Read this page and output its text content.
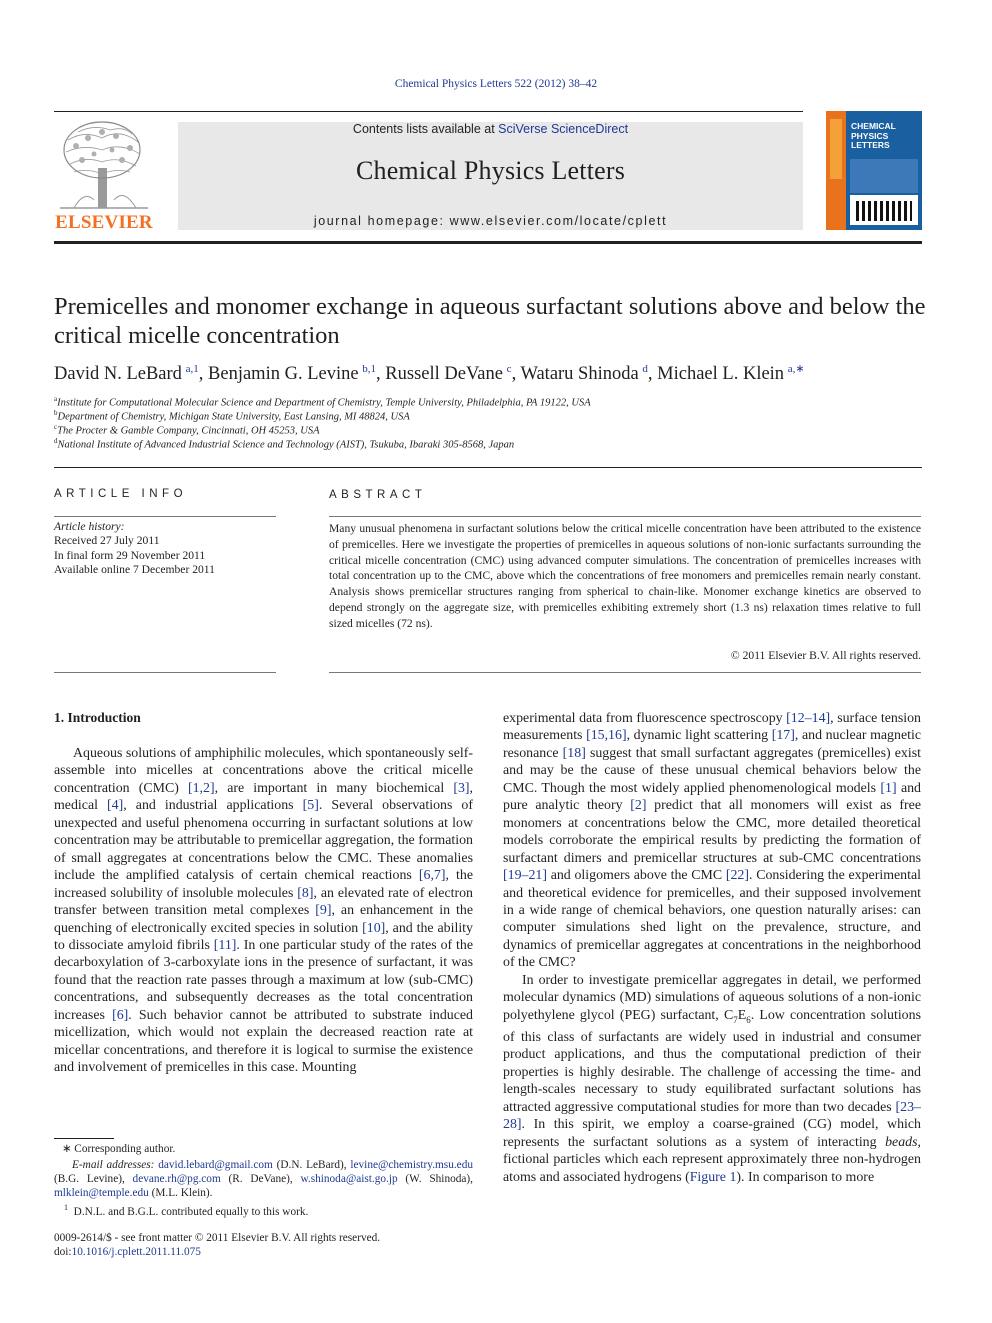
Chemical Physics Letters 522 (2012) 38–42
ELSEVIER
Contents lists available at SciVerse ScienceDirect
Chemical Physics Letters
journal homepage: www.elsevier.com/locate/cplett
CHEMICAL
PHYSICS
LETTERS
Premicelles and monomer exchange in aqueous surfactant solutions above and below the critical micelle concentration
David N. LeBard  $^{a,1}$, Benjamin G. Levine  $^{b,1}$, Russell DeVane  $^c$, Wataru Shinoda  $^d$, Michael L. Klein  $^{a,∗}$
$^a$Institute for Computational Molecular Science and Department of Chemistry, Temple University, Philadelphia, PA 19122, USA
$^b$Department of Chemistry, Michigan State University, East Lansing, MI 48824, USA
$^c$The Procter & Gamble Company, Cincinnati, OH 45253, USA
$^d$National Institute of Advanced Industrial Science and Technology (AIST), Tsukuba, Ibaraki 305-8568, Japan
ARTICLE INFO
Article history:
Received 27 July 2011
In final form 29 November 2011
Available online 7 December 2011
ABSTRACT
Many unusual phenomena in surfactant solutions below the critical micelle concentration have been attributed to the existence of premicelles. Here we investigate the properties of premicelles in aqueous solutions of non-ionic surfactants surrounding the critical micelle concentration (CMC) using advanced computer simulations. The concentration of premicelles increases with total concentration up to the CMC, above which the concentrations of free monomers and premicelles remain nearly constant. Analysis shows premicellar structures ranging from spherical to chain-like. Monomer exchange kinetics are observed to depend strongly on the aggregate size, with premicelles exhibiting extremely short (1.3 ns) relaxation times relative to full sized micelles (72 ns).
© 2011 Elsevier B.V. All rights reserved.
1. Introduction

Aqueous solutions of amphiphilic molecules, which spontaneously self-assemble into micelles at concentrations above the critical micelle concentration (CMC) [1,2], are important in many biochemical [3], medical [4], and industrial applications [5]. Several observations of unexpected and useful phenomena occurring in surfactant solutions at low concentration may be attributable to premicellar aggregation, the formation of small aggregates at concentrations below the CMC. These anomalies include the amplified catalysis of certain chemical reactions [6,7], the increased solubility of insoluble molecules [8], an elevated rate of electron transfer between transition metal complexes [9], an enhancement in the quenching of electronically excited species in solution [10], and the ability to dissociate amyloid fibrils [11]. In one particular study of the rates of the decarboxylation of 3-carboxylate ions in the presence of surfactant, it was found that the reaction rate passes through a maximum at low (sub-CMC) concentrations, and subsequently decreases as the total concentration increases [6]. Such behavior cannot be attributed to substrate induced micellization, which would not explain the decreased reaction rate at micellar concentrations, and therefore it is logical to surmise the existence and involvement of premicelles in this case. Mounting

experimental data from fluorescence spectroscopy [12–14], surface tension measurements [15,16], dynamic light scattering [17], and nuclear magnetic resonance [18] suggest that small surfactant aggregates (premicelles) exist and may be the cause of these unusual chemical behaviors below the CMC. Though the most widely applied phenomenological models [1] and pure analytic theory [2] predict that all monomers will exist as free monomers at concentrations below the CMC, more detailed theoretical models corroborate the empirical results by predicting the formation of surfactant dimers and premicellar structures at sub-CMC concentrations [19–21] and oligomers above the CMC [22]. Considering the experimental and theoretical evidence for premicelles, and their supposed involvement in a wide range of chemical behaviors, one question naturally arises: can computer simulations shed light on the prevalence, structure, and dynamics of premicellar aggregates at concentrations in the neighborhood of the CMC?

In order to investigate premicellar aggregates in detail, we performed molecular dynamics (MD) simulations of aqueous solutions of a non-ionic polyethylene glycol (PEG) surfactant, $C_7E_6$. Low concentration solutions of this class of surfactants are widely used in industrial and consumer product applications, and thus the computational prediction of their properties is highly desirable. The challenge of accessing the time- and length-scales necessary to study equilibrated surfactant solutions has attracted aggressive computational studies for more than two decades [23–28]. In this spirit, we employ a coarse-grained (CG) model, which represents the surfactant solutions as a system of interacting beads, fictional particles which each represent approximately three non-hydrogen atoms and associated hydrogens (Figure 1). In comparison to more

∗ Corresponding author.
E-mail addresses: david.lebard@gmail.com (D.N. LeBard), levine@chemistry.msu.edu (B.G. Levine), devane.rh@pg.com (R. DeVane), w.shinoda@aist.go.jp (W. Shinoda), mlklein@temple.edu (M.L. Klein).
$^1$ D.N.L. and B.G.L. contributed equally to this work.
0009-2614/$ - see front matter © 2011 Elsevier B.V. All rights reserved.
doi:10.1016/j.cplett.2011.11.075
